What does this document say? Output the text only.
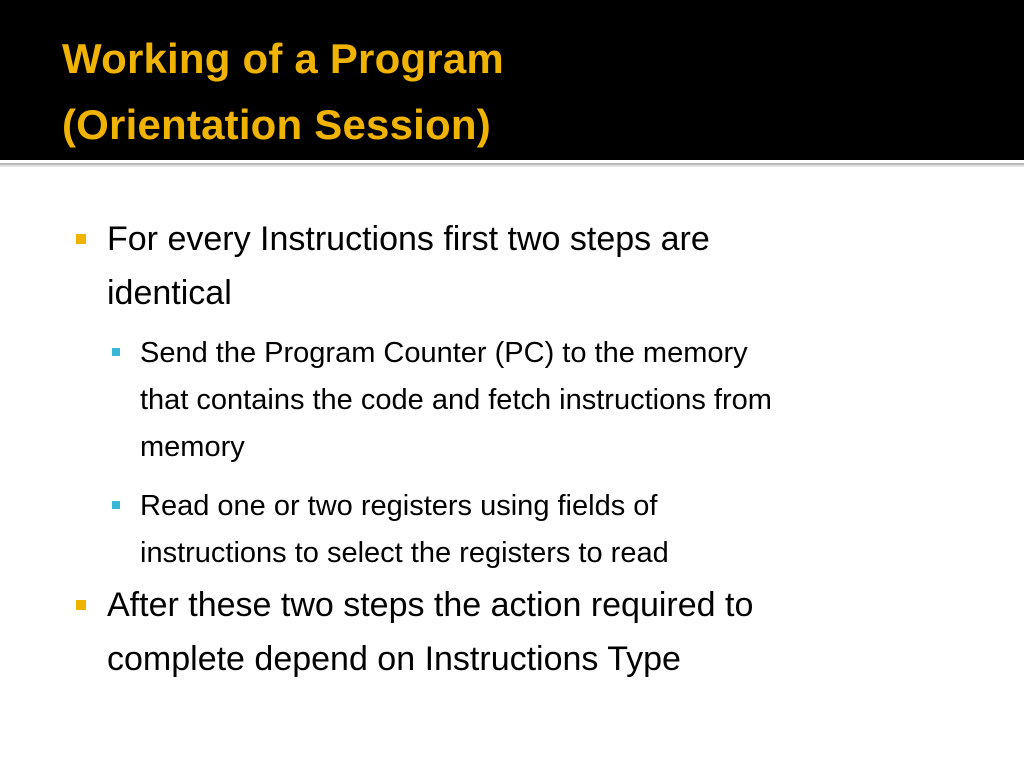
Working of a Program
(Orientation Session)
For every Instructions first two steps are
identical
Send the Program Counter (PC) to the memory
that contains the code and fetch instructions from
memory
Read one or two registers using fields of
instructions to select the registers to read
After these two steps the action required to
complete depend on Instructions Type
